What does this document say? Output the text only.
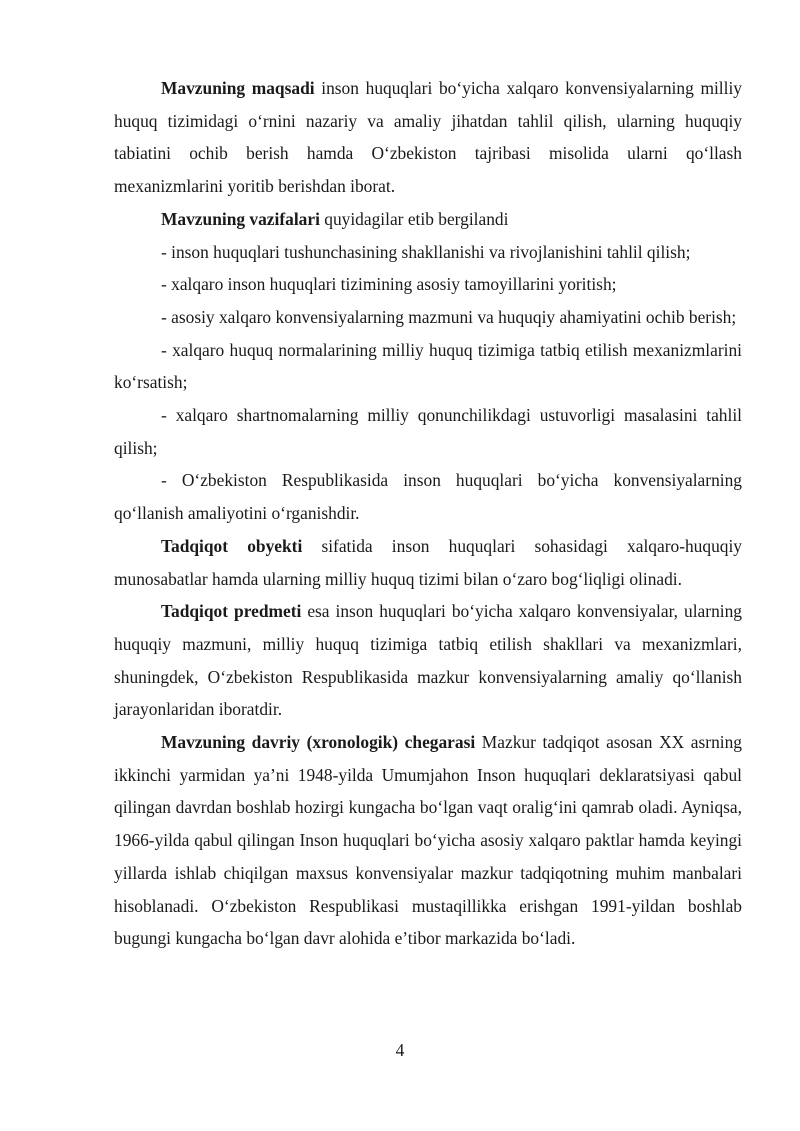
Mavzuning maqsadi inson huquqlari bo‘yicha xalqaro konvensiyalarning milliy huquq tizimidagi o‘rnini nazariy va amaliy jihatdan tahlil qilish, ularning huquqiy tabiatini ochib berish hamda O‘zbekiston tajribasi misolida ularni qo‘llash mexanizmlarini yoritib berishdan iborat.

Mavzuning vazifalari quyidagilar etib bergilandi

- inson huquqlari tushunchasining shakllanishi va rivojlanishini tahlil qilish;

- xalqaro inson huquqlari tizimining asosiy tamoyillarini yoritish;

- asosiy xalqaro konvensiyalarning mazmuni va huquqiy ahamiyatini ochib berish;

- xalqaro huquq normalarining milliy huquq tizimiga tatbiq etilish mexanizmlarini ko‘rsatish;

- xalqaro shartnomalarning milliy qonunchilikdagi ustuvorligi masalasini tahlil qilish;

- O‘zbekiston Respublikasida inson huquqlari bo‘yicha konvensiyalarning qo‘llanish amaliyotini o‘rganishdir.

Tadqiqot obyekti sifatida inson huquqlari sohasidagi xalqaro-huquqiy munosabatlar hamda ularning milliy huquq tizimi bilan o‘zaro bog‘liqligi olinadi.

Tadqiqot predmeti esa inson huquqlari bo‘yicha xalqaro konvensiyalar, ularning huquqiy mazmuni, milliy huquq tizimiga tatbiq etilish shakllari va mexanizmlari, shuningdek, O‘zbekiston Respublikasida mazkur konvensiyalarning amaliy qo‘llanish jarayonlaridan iboratdir.

Mavzuning davriy (xronologik) chegarasi Mazkur tadqiqot asosan XX asrning ikkinchi yarmidan ya’ni 1948-yilda Umumjahon Inson huquqlari deklaratsiyasi qabul qilingan davrdan boshlab hozirgi kungacha bo‘lgan vaqt oralig‘ini qamrab oladi. Ayniqsa, 1966-yilda qabul qilingan Inson huquqlari bo‘yicha asosiy xalqaro paktlar hamda keyingi yillarda ishlab chiqilgan maxsus konvensiyalar mazkur tadqiqotning muhim manbalari hisoblanadi. O‘zbekiston Respublikasi mustaqillikka erishgan 1991-yildan boshlab bugungi kungacha bo‘lgan davr alohida e’tibor markazida bo‘ladi.

4
